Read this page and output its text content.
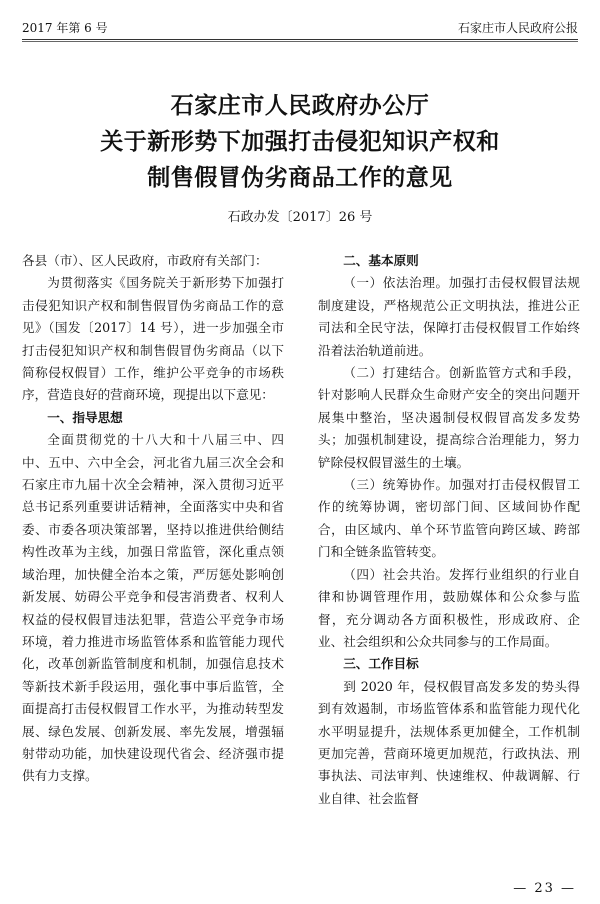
2017 年第 6 号	石家庄市人民政府公报
石家庄市人民政府办公厅
关于新形势下加强打击侵犯知识产权和
制售假冒伪劣商品工作的意见
石政办发〔2017〕26 号

各县（市）、区人民政府，市政府有关部门：

为贯彻落实《国务院关于新形势下加强打击侵犯知识产权和制售假冒伪劣商品工作的意见》（国发〔2017〕14 号），进一步加强全市打击侵犯知识产权和制售假冒伪劣商品（以下简称侵权假冒）工作，维护公平竞争的市场秩序，营造良好的营商环境，现提出以下意见：

一、指导思想

全面贯彻党的十八大和十八届三中、四中、五中、六中全会，河北省九届三次全会和石家庄市九届十次全会精神，深入贯彻习近平总书记系列重要讲话精神，全面落实中央和省委、市委各项决策部署，坚持以推进供给侧结构性改革为主线，加强日常监管，深化重点领域治理，加快健全治本之策，严厉惩处影响创新发展、妨碍公平竞争和侵害消费者、权利人权益的侵权假冒违法犯罪，营造公平竞争市场环境，着力推进市场监管体系和监管能力现代化，改革创新监管制度和机制，加强信息技术等新技术新手段运用，强化事中事后监管，全面提高打击侵权假冒工作水平，为推动转型发展、绿色发展、创新发展、率先发展，增强辐射带动功能，加快建设现代省会、经济强市提供有力支撑。

二、基本原则

（一）依法治理。加强打击侵权假冒法规制度建设，严格规范公正文明执法，推进公正司法和全民守法，保障打击侵权假冒工作始终沿着法治轨道前进。

（二）打建结合。创新监管方式和手段，针对影响人民群众生命财产安全的突出问题开展集中整治，坚决遏制侵权假冒高发多发势头；加强机制建设，提高综合治理能力，努力铲除侵权假冒滋生的土壤。

（三）统筹协作。加强对打击侵权假冒工作的统筹协调，密切部门间、区域间协作配合，由区域内、单个环节监管向跨区域、跨部门和全链条监管转变。

（四）社会共治。发挥行业组织的行业自律和协调管理作用，鼓励媒体和公众参与监督，充分调动各方面积极性，形成政府、企业、社会组织和公众共同参与的工作局面。

三、工作目标

到 2020 年，侵权假冒高发多发的势头得到有效遏制，市场监管体系和监管能力现代化水平明显提升，法规体系更加健全，工作机制更加完善，营商环境更加规范，行政执法、刑事执法、司法审判、快速维权、仲裁调解、行业自律、社会监督

— 23 —
